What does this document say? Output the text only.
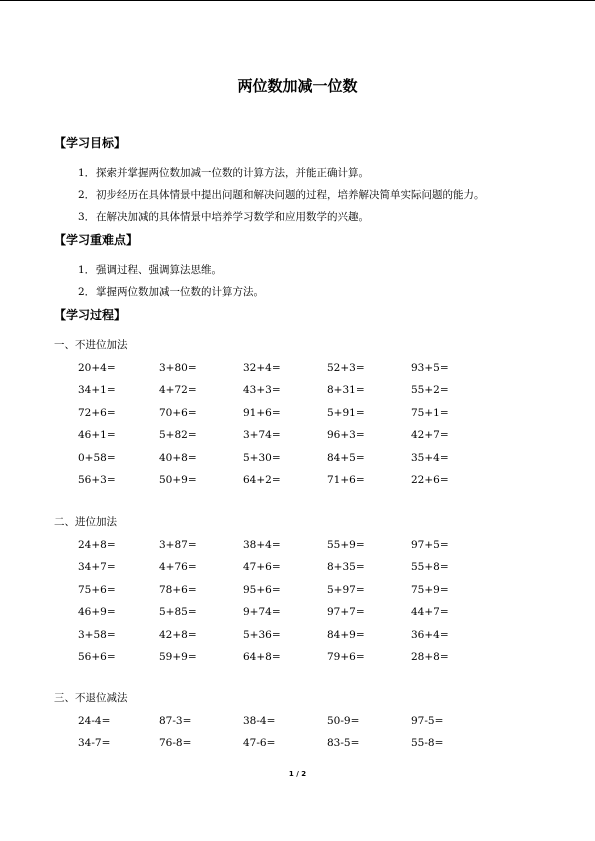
两位数加减一位数
【学习目标】
1．探索并掌握两位数加减一位数的计算方法，并能正确计算。
2．初步经历在具体情景中提出问题和解决问题的过程，培养解决简单实际问题的能力。
3．在解决加减的具体情景中培养学习数学和应用数学的兴趣。
【学习重难点】
1．强调过程、强调算法思维。
2．掌握两位数加减一位数的计算方法。
【学习过程】
一、不进位加法
20+4=	3+80=	32+4=	52+3=	93+5=
34+1=	4+72=	43+3=	8+31=	55+2=
72+6=	70+6=	91+6=	5+91=	75+1=
46+1=	5+82=	3+74=	96+3=	42+7=
0+58=	40+8=	5+30=	84+5=	35+4=
56+3=	50+9=	64+2=	71+6=	22+6=
二、进位加法
24+8=	3+87=	38+4=	55+9=	97+5=
34+7=	4+76=	47+6=	8+35=	55+8=
75+6=	78+6=	95+6=	5+97=	75+9=
46+9=	5+85=	9+74=	97+7=	44+7=
3+58=	42+8=	5+36=	84+9=	36+4=
56+6=	59+9=	64+8=	79+6=	28+8=
三、不退位减法
24-4=	87-3=	38-4=	50-9=	97-5=
34-7=	76-8=	47-6=	83-5=	55-8=
1 / 2
